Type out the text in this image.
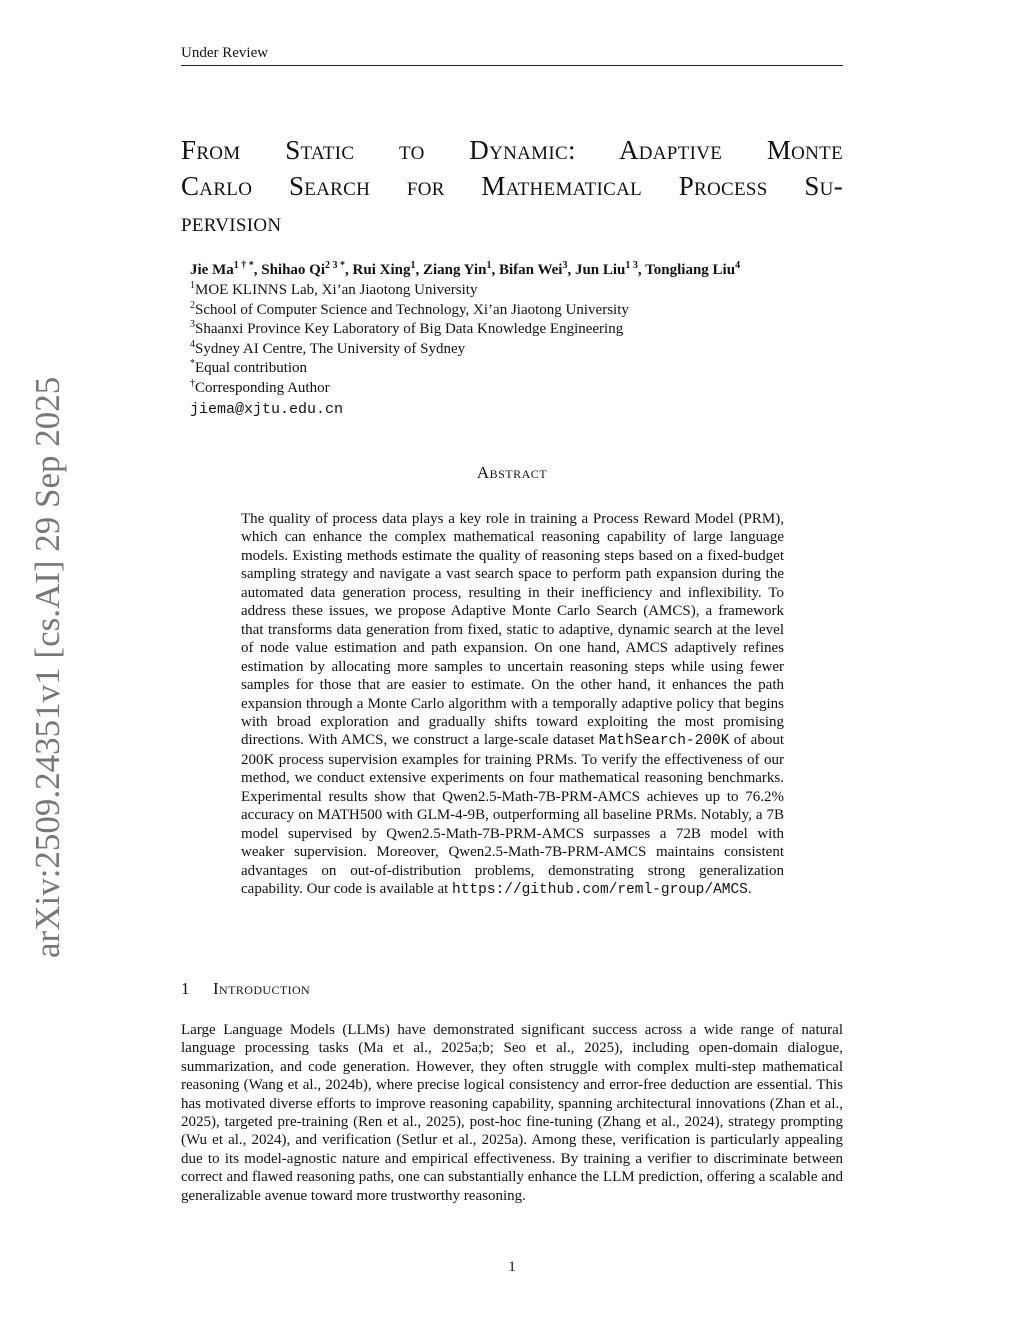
Under Review
arXiv:2509.24351v1 [cs.AI] 29 Sep 2025
From Static to Dynamic: Adaptive Monte
Carlo Search for Mathematical Process Su-
pervision
Jie $Ma^{1 \dagger *}$, Shihao $Qi^{2 3 *}$, Rui Xing$^1$, Ziang Yin$^1$, Bifan Wei$^3$, Jun Liu$^{1 3}$, Tongliang Liu$^4$
$^1$MOE KLINNS Lab, Xi’an Jiaotong University
$^2$School of Computer Science and Technology, Xi’an Jiaotong University
$^3$Shaanxi Province Key Laboratory of Big Data Knowledge Engineering
$^4$Sydney AI Centre, The University of Sydney
*Equal contribution
†Corresponding Author
jiema@xjtu.edu.cn
Abstract
The quality of process data plays a key role in training a Process Reward Model (PRM), which can enhance the complex mathematical reasoning capability of large language models. Existing methods estimate the quality of reasoning steps based on a fixed-budget sampling strategy and navigate a vast search space to perform path expansion during the automated data generation process, resulting in their inefficiency and inflexibility. To address these issues, we propose Adaptive Monte Carlo Search (AMCS), a framework that transforms data generation from fixed, static to adaptive, dynamic search at the level of node value estimation and path expansion. On one hand, AMCS adaptively refines estimation by allocating more samples to uncertain reasoning steps while using fewer samples for those that are easier to estimate. On the other hand, it enhances the path expansion through a Monte Carlo algorithm with a temporally adaptive policy that begins with broad exploration and gradually shifts toward exploiting the most promising directions. With AMCS, we construct a large-scale dataset MathSearch-200K of about 200K process supervision examples for training PRMs. To verify the effectiveness of our method, we conduct extensive experiments on four mathematical reasoning benchmarks. Experimental results show that Qwen2.5-Math-7B-PRM-AMCS achieves up to 76.2% accuracy on MATH500 with GLM-4-9B, outperforming all baseline PRMs. Notably, a 7B model supervised by Qwen2.5-Math-7B-PRM-AMCS surpasses a 72B model with weaker supervision. Moreover, Qwen2.5-Math-7B-PRM-AMCS maintains consistent advantages on out-of-distribution problems, demonstrating strong generalization capability. Our code is available at https://github.com/reml-group/AMCS.
1 Introduction
Large Language Models (LLMs) have demonstrated significant success across a wide range of natural language processing tasks (Ma et al., 2025a;b; Seo et al., 2025), including open-domain dialogue, summarization, and code generation. However, they often struggle with complex multi-step mathematical reasoning (Wang et al., 2024b), where precise logical consistency and error-free deduction are essential. This has motivated diverse efforts to improve reasoning capability, spanning architectural innovations (Zhan et al., 2025), targeted pre-training (Ren et al., 2025), post-hoc fine-tuning (Zhang et al., 2024), strategy prompting (Wu et al., 2024), and verification (Setlur et al., 2025a). Among these, verification is particularly appealing due to its model-agnostic nature and empirical effectiveness. By training a verifier to discriminate between correct and flawed reasoning paths, one can substantially enhance the LLM prediction, offering a scalable and generalizable avenue toward more trustworthy reasoning.
1
